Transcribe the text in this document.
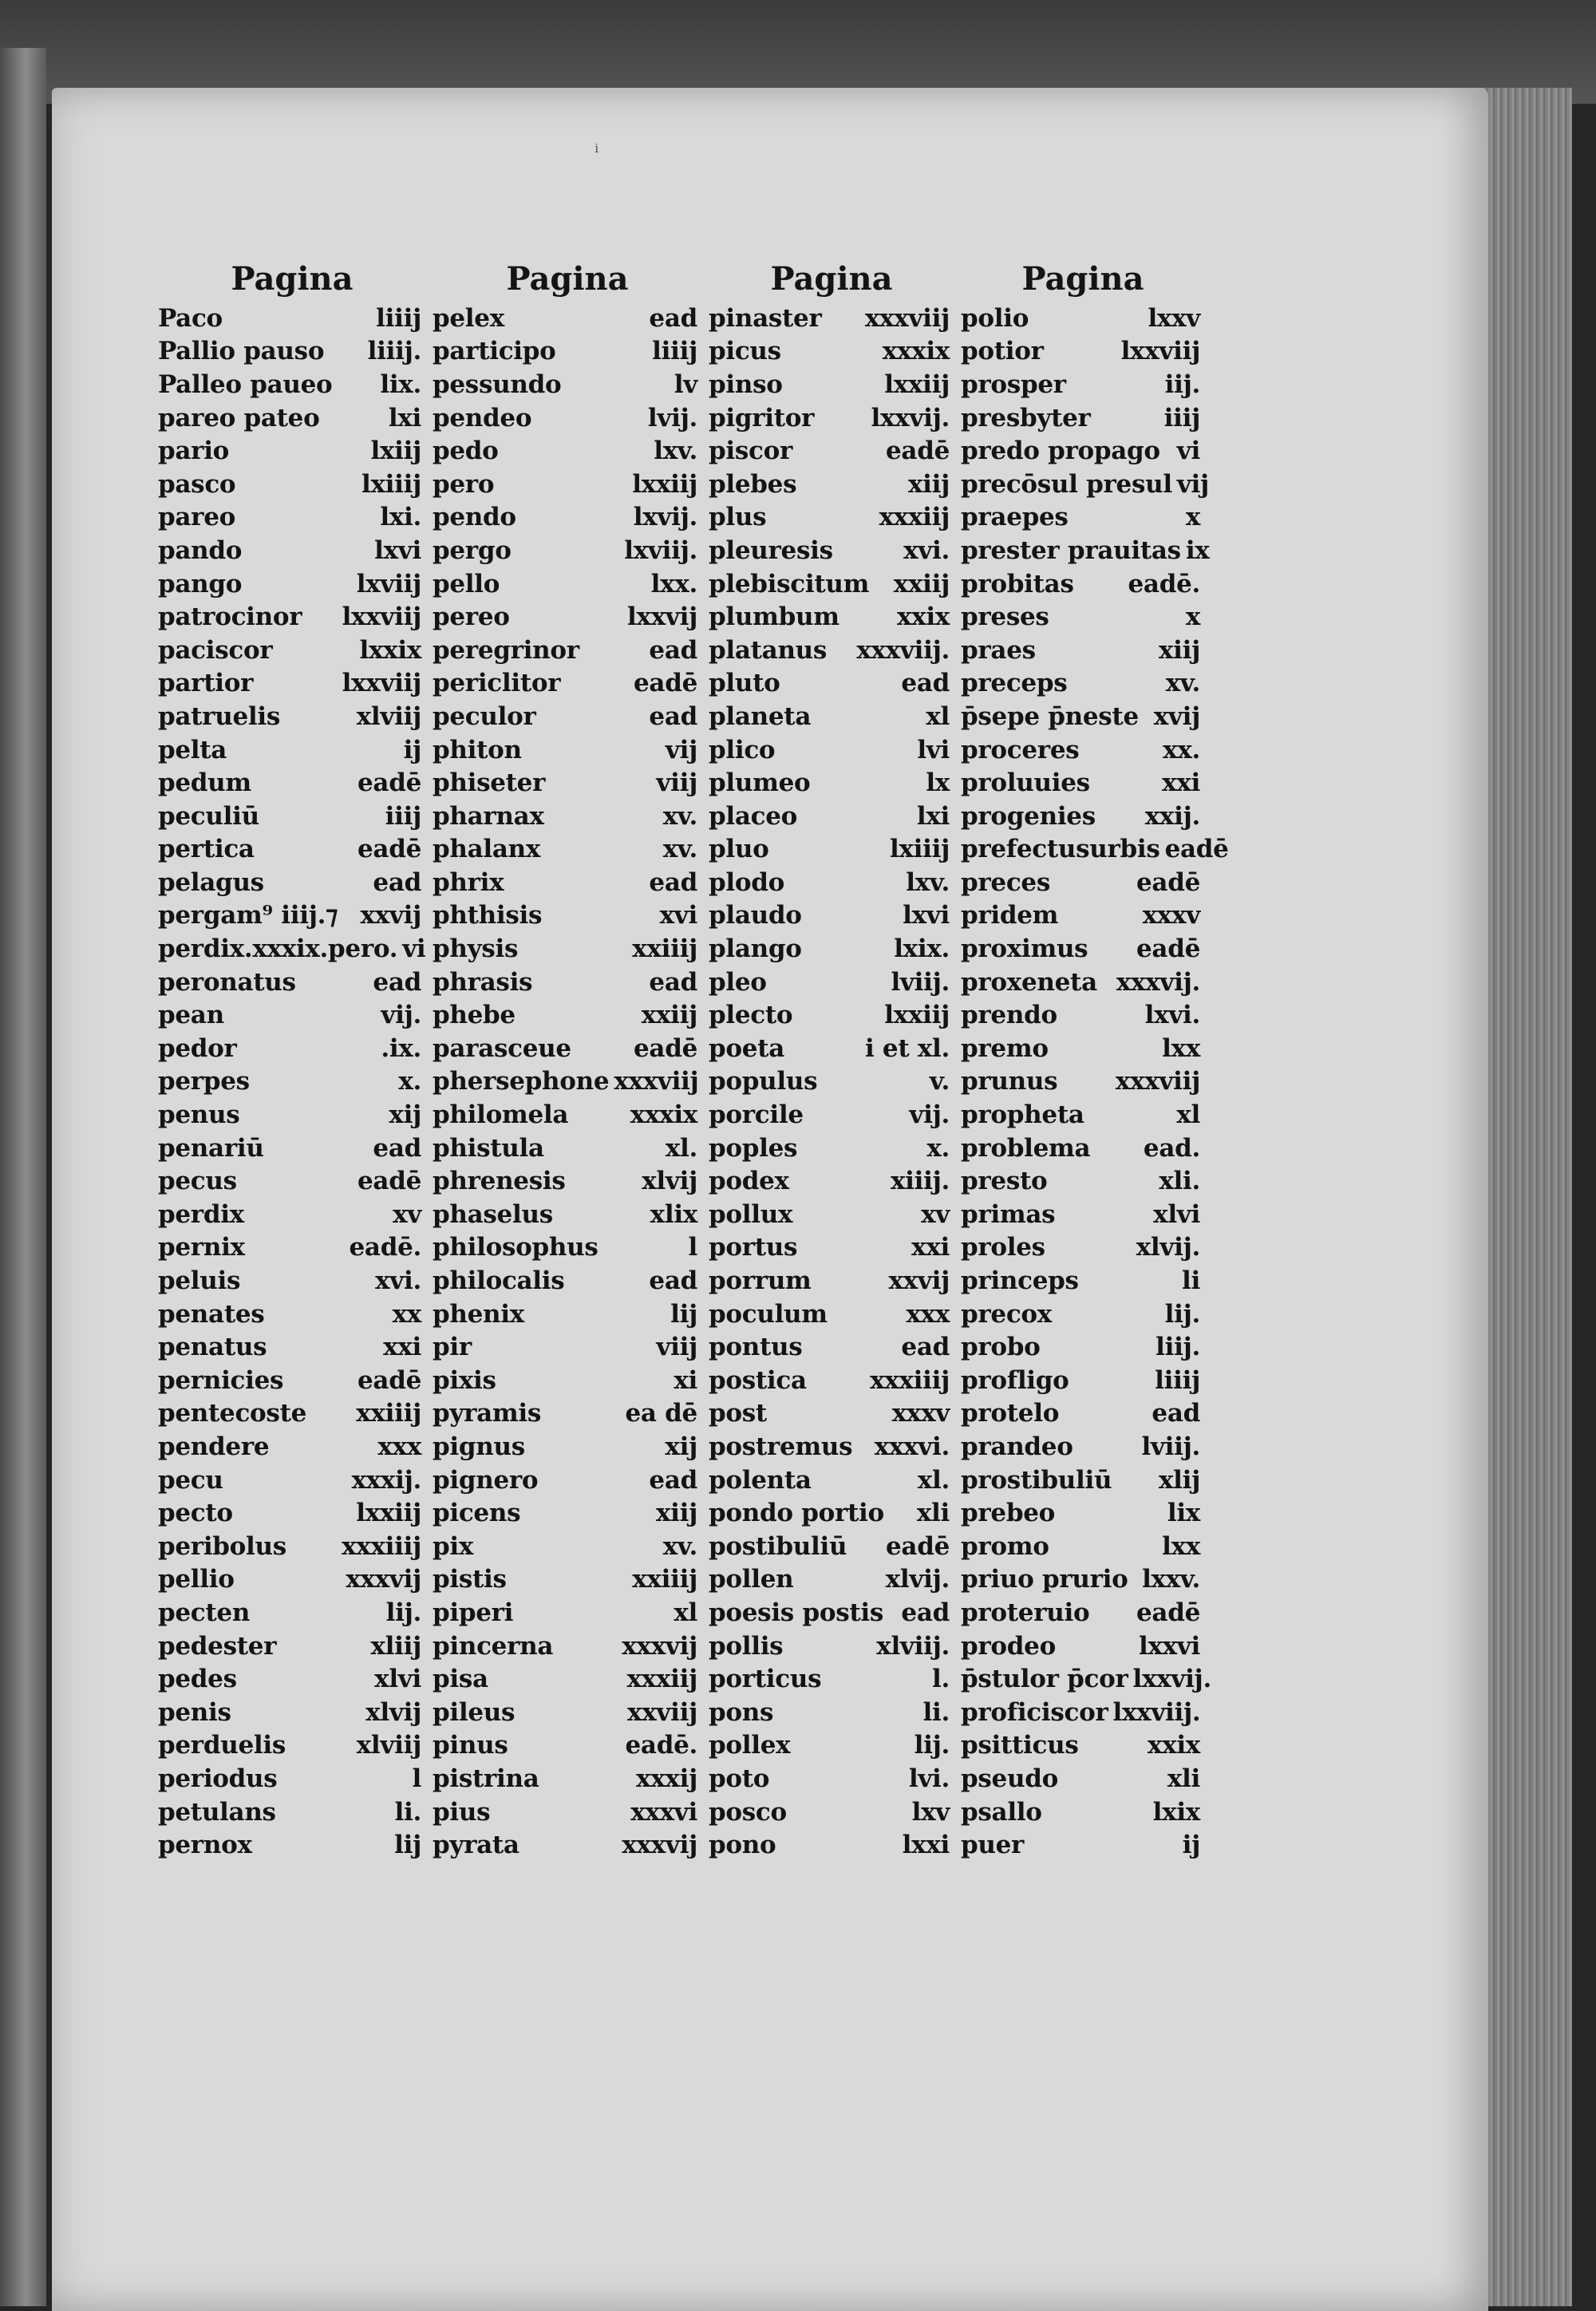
ᵢ
Pagina
Paco	liiij
Pallio pauso liiij.
Palleo paueo lix.
pareo pateo	lxi
pario	lxiij
pasco	lxiiij
pareo	lxi.
pando	lxvi
pango	lxviij
patrocinor lxxviij
paciscor	lxxix
partior	lxxviij
patruelis	xlviij
pelta	ij
pedum	eadē
peculiū	iiij
pertica	eadē
pelagus	ead
pergam⁹ iiij.⁊ xxvij
perdix.xxxix.pero. vi
peronatus	ead
pean	vij.
pedor	.ix.
perpes	x.
penus	xij
penariū	ead
pecus	eadē
perdix	xv
pernix	eadē.
peluis	xvi.
penates	xx
penatus	xxi
pernicies	eadē
pentecoste xxiiij
pendere	xxx
pecu	xxxij.
pecto	lxxiij
peribolus xxxiiij
pellio	xxxvij
pecten	lij.
pedester	xliij
pedes	xlvi
penis	xlvij
perduelis	xlviij
periodus	l
petulans	li.
pernox	lij
Pagina
pelex	ead
participo	liiij
pessundo	lv
pendeo	lvij.
pedo	lxv.
pero	lxxiij
pendo	lxvij.
pergo	lxviij.
pello	lxx.
pereo	lxxvij
peregrinor	ead
periclitor	eadē
peculor	ead
phiton	vij
phiseter	viij
pharnax	xv.
phalanx	xv.
phrix	ead
phthisis	xvi
physis	xxiiij
phrasis	ead
phebe	xxiij
parasceue	eadē
phersephone xxxviij
philomela	xxxix
phistula	xl.
phrenesis	xlvij
phaselus	xlix
philosophus	l
philocalis	ead
phenix	lij
pir	viij
pixis	xi
pyramis	ea dē
pignus	xij
pignero	ead
picens	xiij
pix	xv.
pistis	xxiiij
piperi	xl
pincerna	xxxvij
pisa	xxxiij
pileus	xxviij
pinus	eadē.
pistrina	xxxij
pius	xxxvi
pyrata	xxxvij
Pagina
pinaster xxxviij
picus	xxxix
pinso	lxxiij
pigritor lxxvij.
piscor	eadē
plebes	xiij
plus	xxxiij
pleuresis	xvi.
plebiscitum xxiij
plumbum xxix
platanus xxxviij.
pluto	ead
planeta	xl
plico	lvi
plumeo	lx
placeo	lxi
pluo	lxiiij
plodo	lxv.
plaudo	lxvi
plango	lxix.
pleo	lviij.
plecto	lxxiij
poeta	i et xl.
populus	v.
porcile	vij.
poples	x.
podex	xiiij.
pollux	xv
portus	xxi
porrum	xxvij
poculum	xxx
pontus	ead
postica	xxxiiij
post	xxxv
postremus xxxvi.
polenta	xl.
pondo portio xli
postibuliū eadē
pollen	xlvij.
poesis postis ead
pollis	xlviij.
porticus	l.
pons	li.
pollex	lij.
poto	lvi.
posco	lxv
pono	lxxi
Pagina
polio	lxxv
potior	lxxviij
prosper	iij.
presbyter	iiij
predo propago vi
precōsul presul vij
praepes	x
prester prauitas ix
probitas eadē.
preses	x
praes	xiij
preceps	xv.
p̄sepe p̄neste xvij
proceres	xx.
proluuies	xxi
progenies xxij.
prefectusurbis eadē
preces	eadē
pridem	xxxv
proximus eadē
proxeneta xxxvij.
prendo	lxvi.
premo	lxx
prunus xxxviij
propheta	xl
problema ead.
presto	xli.
primas	xlvi
proles	xlvij.
princeps	li
precox	lij.
probo	liij.
profligo	liiij
protelo	ead
prandeo	lviij.
prostibuliū xlij
prebeo	lix
promo	lxx
priuo prurio lxxv.
proteruio eadē
prodeo	lxxvi
p̄stulor p̄cor lxxvij.
proficiscor lxxviij.
psitticus	xxix
pseudo	xli
psallo	lxix
puer	ij
